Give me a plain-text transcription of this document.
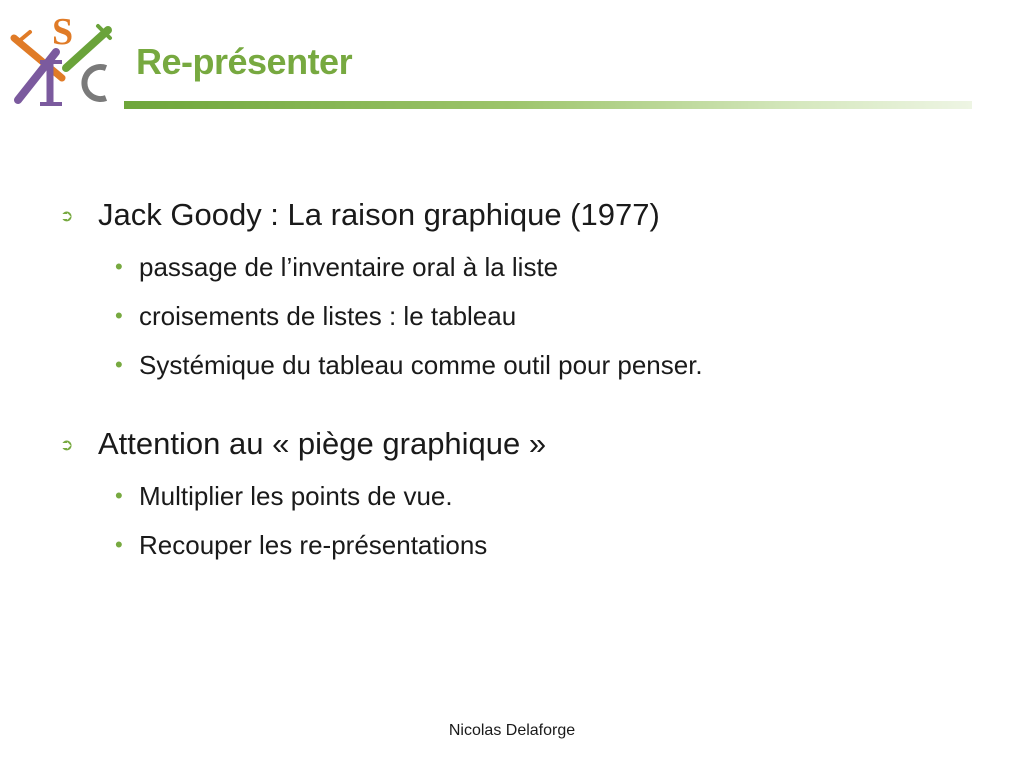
S
Re-présenter
➲ Jack Goody : La raison graphique (1977)
• passage de l’inventaire oral à la liste
• croisements de listes : le tableau
• Systémique du tableau comme outil pour penser.
➲ Attention au « piège graphique »
• Multiplier les points de vue.
• Recouper les re-présentations
Nicolas Delaforge
